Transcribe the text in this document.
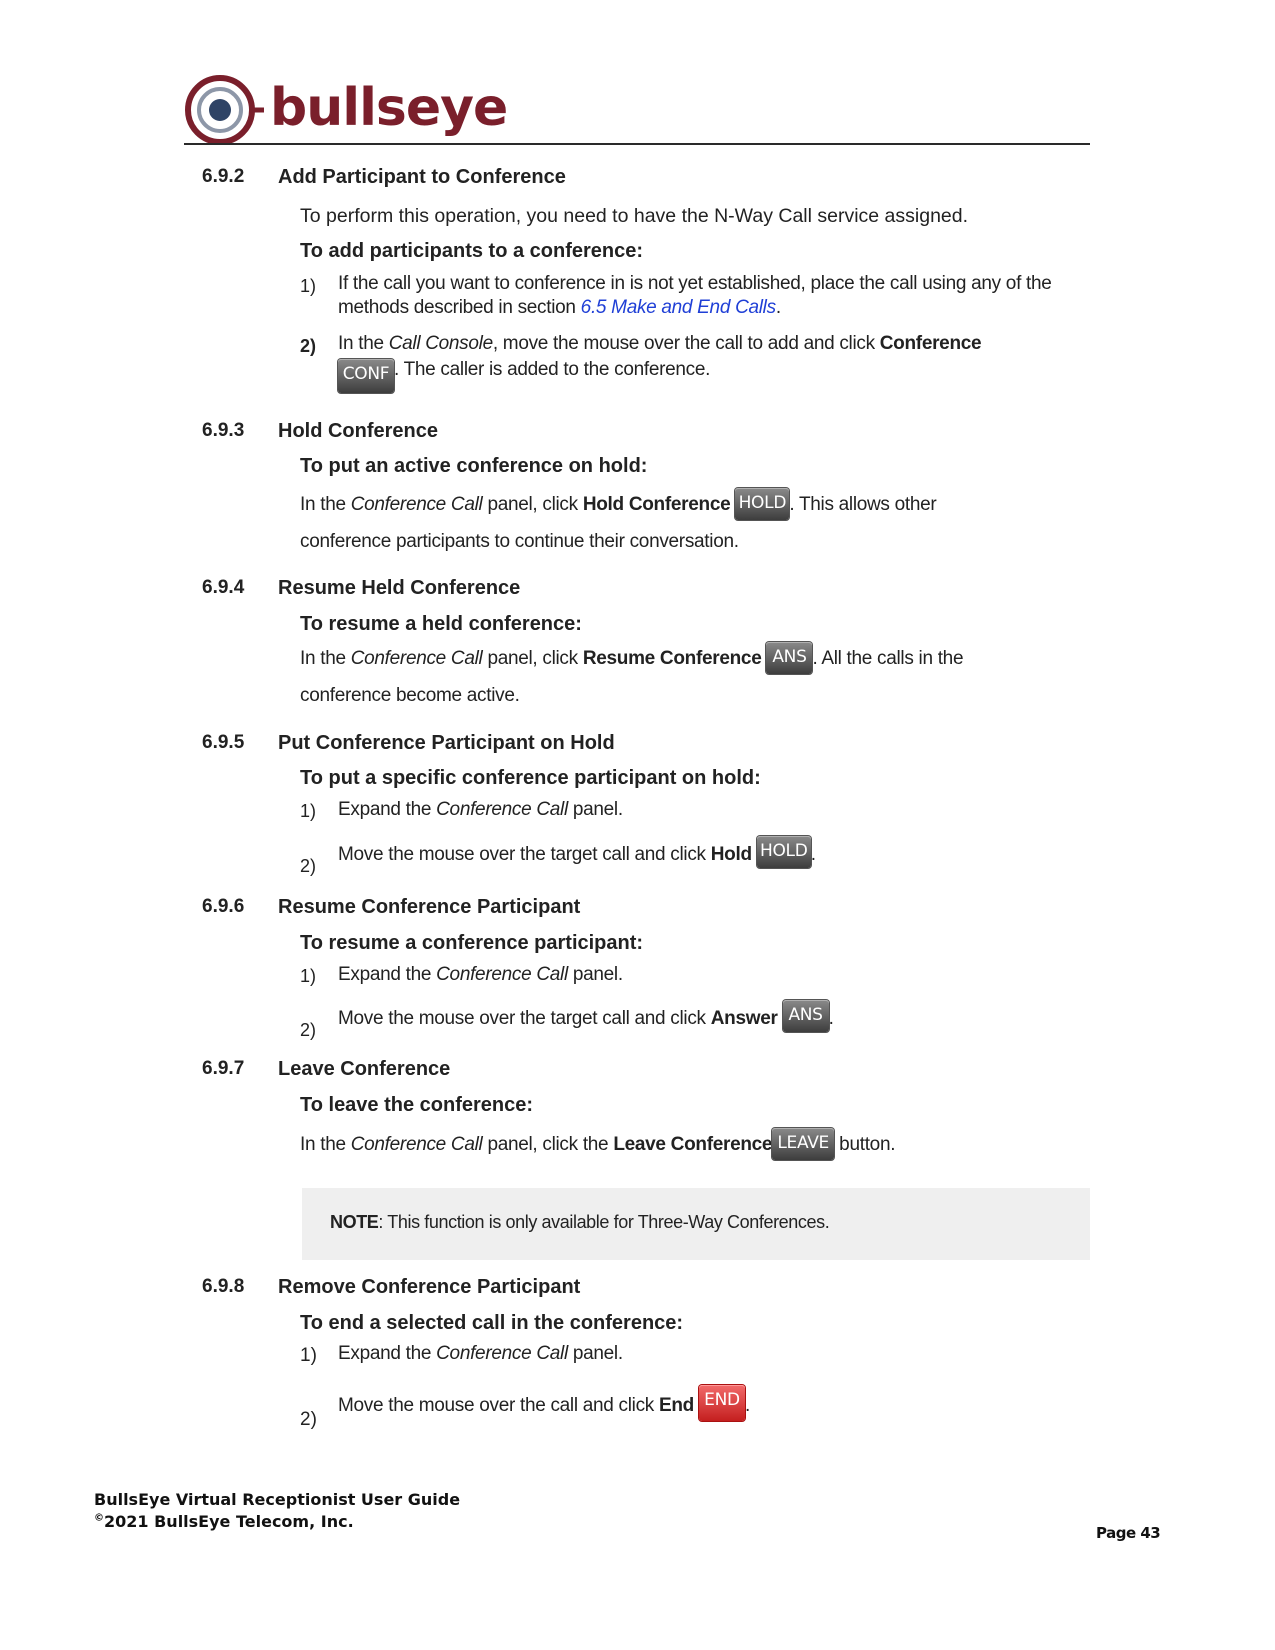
bullseye
6.9.2 Add Participant to Conference
To perform this operation, you need to have the N-Way Call service assigned.
To add participants to a conference:
1) If the call you want to conference in is not yet established, place the call using any of the methods described in section 6.5 Make and End Calls.
2) In the Call Console, move the mouse over the call to add and click Conference
CONF . The caller is added to the conference.
6.9.3 Hold Conference
To put an active conference on hold:
In the Conference Call panel, click Hold Conference HOLD . This allows other
conference participants to continue their conversation.
6.9.4 Resume Held Conference
To resume a held conference:
In the Conference Call panel, click Resume Conference ANS . All the calls in the
conference become active.
6.9.5 Put Conference Participant on Hold
To put a specific conference participant on hold:
1) Expand the Conference Call panel.
2)
Move the mouse over the target call and click Hold HOLD .
6.9.6 Resume Conference Participant
To resume a conference participant:
1) Expand the Conference Call panel.
2)
Move the mouse over the target call and click Answer ANS .
6.9.7 Leave Conference
To leave the conference:
In the Conference Call panel, click the Leave Conference LEAVE button.
NOTE: This function is only available for Three-Way Conferences.
6.9.8 Remove Conference Participant
To end a selected call in the conference:
1) Expand the Conference Call panel.
2)
Move the mouse over the call and click End END .
BullsEye Virtual Receptionist User Guide
©2021 BullsEye Telecom, Inc.
Page 43
